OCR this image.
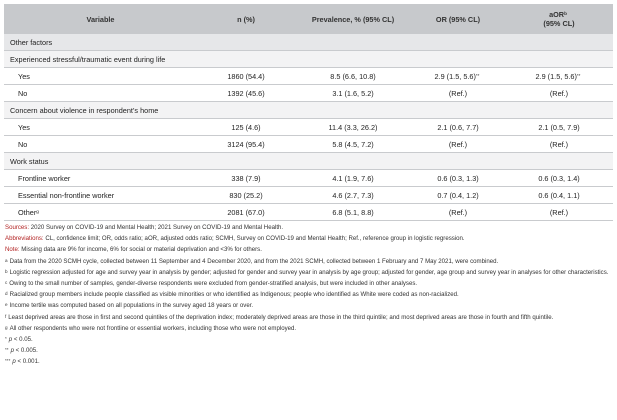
Variable	n (%)	Prevalence, % (95% CL)	OR (95% CL)	aOR$^b$
(95% CL)
Other factors				
Experienced stressful/traumatic event during life				
Yes	1860 (54.4)	8.5 (6.6, 10.8)	2.9 (1.5, 5.6)**	2.9 (1.5, 5.6)**
No	1392 (45.6)	3.1 (1.6, 5.2)	(Ref.)	(Ref.)
Concern about violence in respondent’s home				
Yes	125 (4.6)	11.4 (3.3, 26.2)	2.1 (0.6, 7.7)	2.1 (0.5, 7.9)
No	3124 (95.4)	5.8 (4.5, 7.2)	(Ref.)	(Ref.)
Work status				
Frontline worker	338 (7.9)	4.1 (1.9, 7.6)	0.6 (0.3, 1.3)	0.6 (0.3, 1.4)
Essential non-frontline worker	830 (25.2)	4.6 (2.7, 7.3)	0.7 (0.4, 1.2)	0.6 (0.4, 1.1)
Other$^g$	2081 (67.0)	6.8 (5.1, 8.8)	(Ref.)	(Ref.)

Sources: 2020 Survey on COVID-19 and Mental Health; 2021 Survey on COVID-19 and Mental Health.

Abbreviations: CL, confidence limit; OR, odds ratio; aOR, adjusted odds ratio; SCMH, Survey on COVID-19 and Mental Health; Ref., reference group in logistic regression.

Note: Missing data are 9% for income, 6% for social or material deprivation and <3% for others.

$^a$ Data from the 2020 SCMH cycle, collected between 11 September and 4 December 2020, and from the 2021 SCMH, collected between 1 February and 7 May 2021, were combined.

$^b$ Logistic regression adjusted for age and survey year in analysis by gender; adjusted for gender and survey year in analysis by age group; adjusted for gender, age group and survey year in analyses for other characteristics.

$^c$ Owing to the small number of samples, gender-diverse respondents were excluded from gender-stratified analysis, but were included in other analyses.

$^d$ Racialized group members include people classified as visible minorities or who identified as Indigenous; people who identified as White were coded as non-racialized.

$^e$ Income tertile was computed based on all populations in the survey aged 18 years or over.

$^f$ Least deprived areas are those in first and second quintiles of the deprivation index; moderately deprived areas are those in the third quintile; and most deprived areas are those in fourth and fifth quintile.

$^g$ All other respondents who were not frontline or essential workers, including those who were not employed.

* p < 0.05.

** p < 0.005.

*** p < 0.001.
